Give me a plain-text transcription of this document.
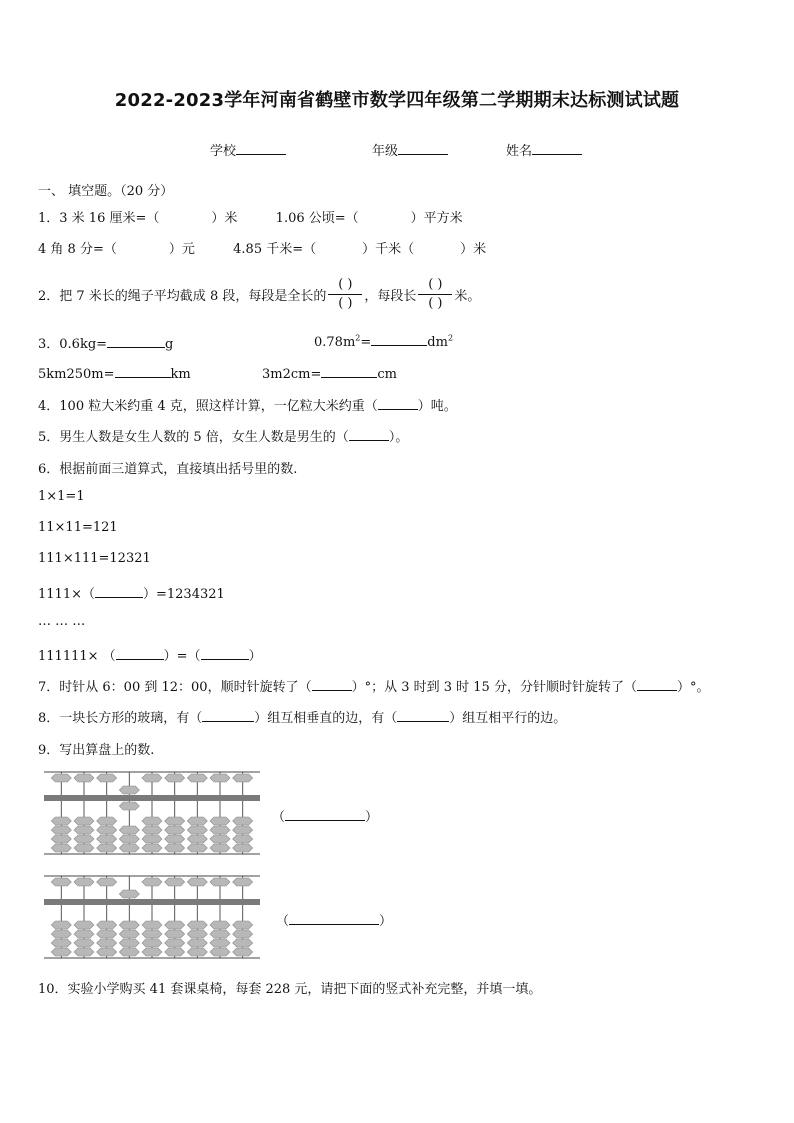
2022-2023学年河南省鹤壁市数学四年级第二学期期末达标测试试题
学校	年级	姓名
一、 填空题。（20 分）
1．3 米 16 厘米=（	）米	1.06 公顷=（	）平方米
4 角 8 分=（	）元	4.85 千米=（	）千米（	）米
2．把 7 米长的绳子平均截成 8 段，每段是全长的 $\frac{( )}{( )}$ ，每段长 $\frac{( )}{( )}$ 米。
3．0.6kg=	g	$0.78m^2=$	$dm^2$
5km250m=	km	3m2cm=	cm
4．100 粒大米约重 4 克，照这样计算，一亿粒大米约重（	）吨。
5．男生人数是女生人数的 5 倍，女生人数是男生的（	）。
6．根据前面三道算式，直接填出括号里的数.
1×1=1
11×11=121
111×111=12321
1111×（	）=1234321
… … …
111111× （	）=（	）
7．时针从 6：00 到 12：00，顺时针旋转了（	）°；从 3 时到 3 时 15 分，分针顺时针旋转了（	）°。
8．一块长方形的玻璃，有（	）组互相垂直的边，有（	）组互相平行的边。
9．写出算盘上的数.
（	）
（	）
10．实验小学购买 41 套课桌椅，每套 228 元，请把下面的竖式补充完整，并填一填。
